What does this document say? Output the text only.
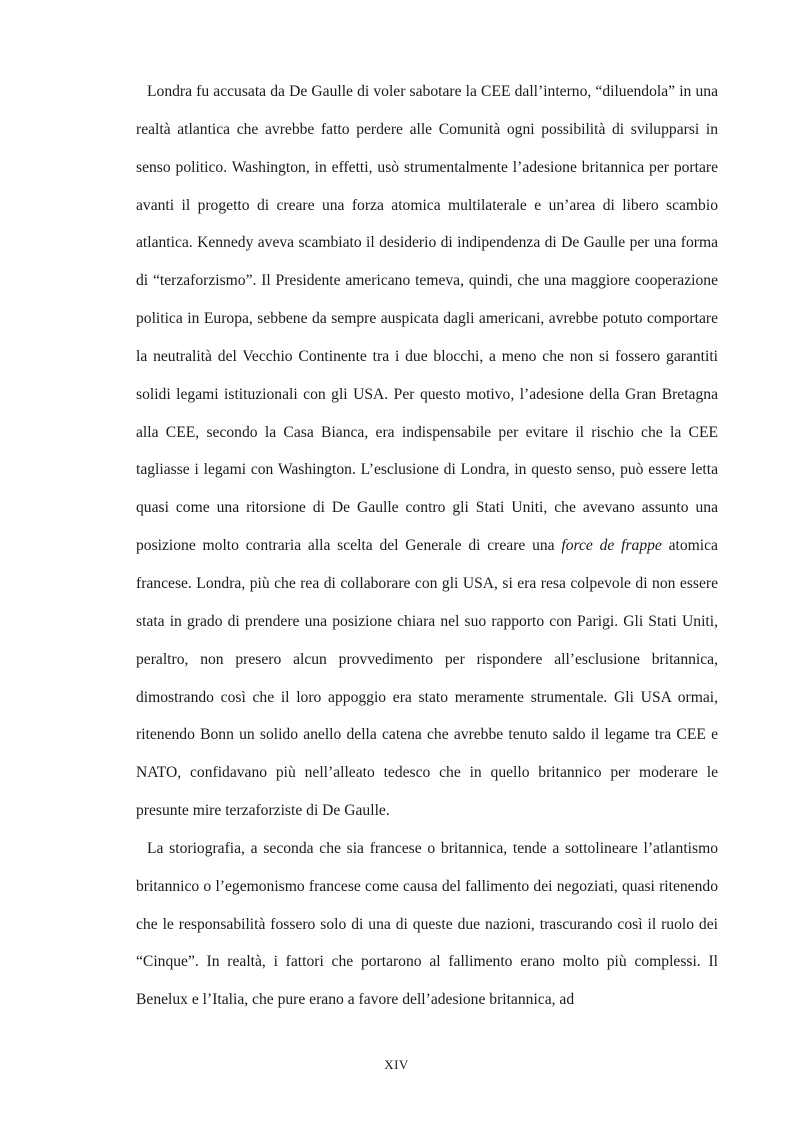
Londra fu accusata da De Gaulle di voler sabotare la CEE dall’interno, “diluendola” in una realtà atlantica che avrebbe fatto perdere alle Comunità ogni possibilità di svilupparsi in senso politico. Washington, in effetti, usò strumentalmente l’adesione britannica per portare avanti il progetto di creare una forza atomica multilaterale e un’area di libero scambio atlantica. Kennedy aveva scambiato il desiderio di indipendenza di De Gaulle per una forma di “terzaforzismo”. Il Presidente americano temeva, quindi, che una maggiore cooperazione politica in Europa, sebbene da sempre auspicata dagli americani, avrebbe potuto comportare la neutralità del Vecchio Continente tra i due blocchi, a meno che non si fossero garantiti solidi legami istituzionali con gli USA. Per questo motivo, l’adesione della Gran Bretagna alla CEE, secondo la Casa Bianca, era indispensabile per evitare il rischio che la CEE tagliasse i legami con Washington. L’esclusione di Londra, in questo senso, può essere letta quasi come una ritorsione di De Gaulle contro gli Stati Uniti, che avevano assunto una posizione molto contraria alla scelta del Generale di creare una force de frappe atomica francese. Londra, più che rea di collaborare con gli USA, si era resa colpevole di non essere stata in grado di prendere una posizione chiara nel suo rapporto con Parigi. Gli Stati Uniti, peraltro, non presero alcun provvedimento per rispondere all’esclusione britannica, dimostrando così che il loro appoggio era stato meramente strumentale. Gli USA ormai, ritenendo Bonn un solido anello della catena che avrebbe tenuto saldo il legame tra CEE e NATO, confidavano più nell’alleato tedesco che in quello britannico per moderare le presunte mire terzaforziste di De Gaulle.

La storiografia, a seconda che sia francese o britannica, tende a sottolineare l’atlantismo britannico o l’egemonismo francese come causa del fallimento dei negoziati, quasi ritenendo che le responsabilità fossero solo di una di queste due nazioni, trascurando così il ruolo dei “Cinque”. In realtà, i fattori che portarono al fallimento erano molto più complessi. Il Benelux e l’Italia, che pure erano a favore dell’adesione britannica, ad

XIV
